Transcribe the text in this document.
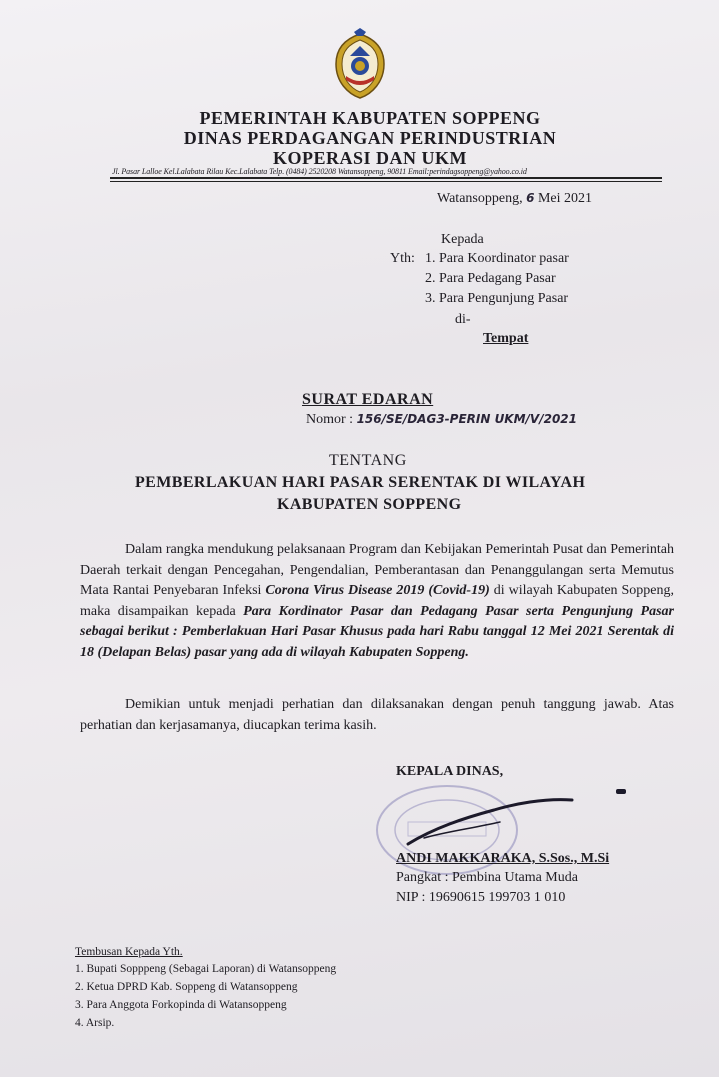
PEMERINTAH KABUPATEN SOPPENG
DINAS PERDAGANGAN PERINDUSTRIAN
KOPERASI DAN UKM
Jl. Pasar Lalloe Kel.Lalabata Rilau Kec.Lalabata Telp. (0484) 2520208 Watansoppeng, 90811 Email:perindagsoppeng@yahoo.co.id
Watansoppeng, 6 Mei 2021
Kepada
Yth: 1. Para Koordinator pasar
2. Para Pedagang Pasar
3. Para Pengunjung Pasar
di-
Tempat
SURAT EDARAN
Nomor : 156/SE/DAG3-PERIN UKM/V/2021
TENTANG
PEMBERLAKUAN HARI PASAR SERENTAK DI WILAYAH
KABUPATEN SOPPENG
Dalam rangka mendukung pelaksanaan Program dan Kebijakan Pemerintah Pusat dan Pemerintah Daerah terkait dengan Pencegahan, Pengendalian, Pemberantasan dan Penanggulangan serta Memutus Mata Rantai Penyebaran Infeksi Corona Virus Disease 2019 (Covid-19) di wilayah Kabupaten Soppeng, maka disampaikan kepada Para Kordinator Pasar dan Pedagang Pasar serta Pengunjung Pasar sebagai berikut : Pemberlakuan Hari Pasar Khusus pada hari Rabu tanggal 12 Mei 2021 Serentak di 18 (Delapan Belas) pasar yang ada di wilayah Kabupaten Soppeng.
Demikian untuk menjadi perhatian dan dilaksanakan dengan penuh tanggung jawab. Atas perhatian dan kerjasamanya, diucapkan terima kasih.
KEPALA DINAS,
ANDI MAKKARAKA, S.Sos., M.Si
Pangkat : Pembina Utama Muda
NIP : 19690615 199703 1 010
Tembusan Kepada Yth.
1. Bupati Sopppeng (Sebagai Laporan) di Watansoppeng
2. Ketua DPRD Kab. Soppeng di Watansoppeng
3. Para Anggota Forkopinda di Watansoppeng
4. Arsip.
